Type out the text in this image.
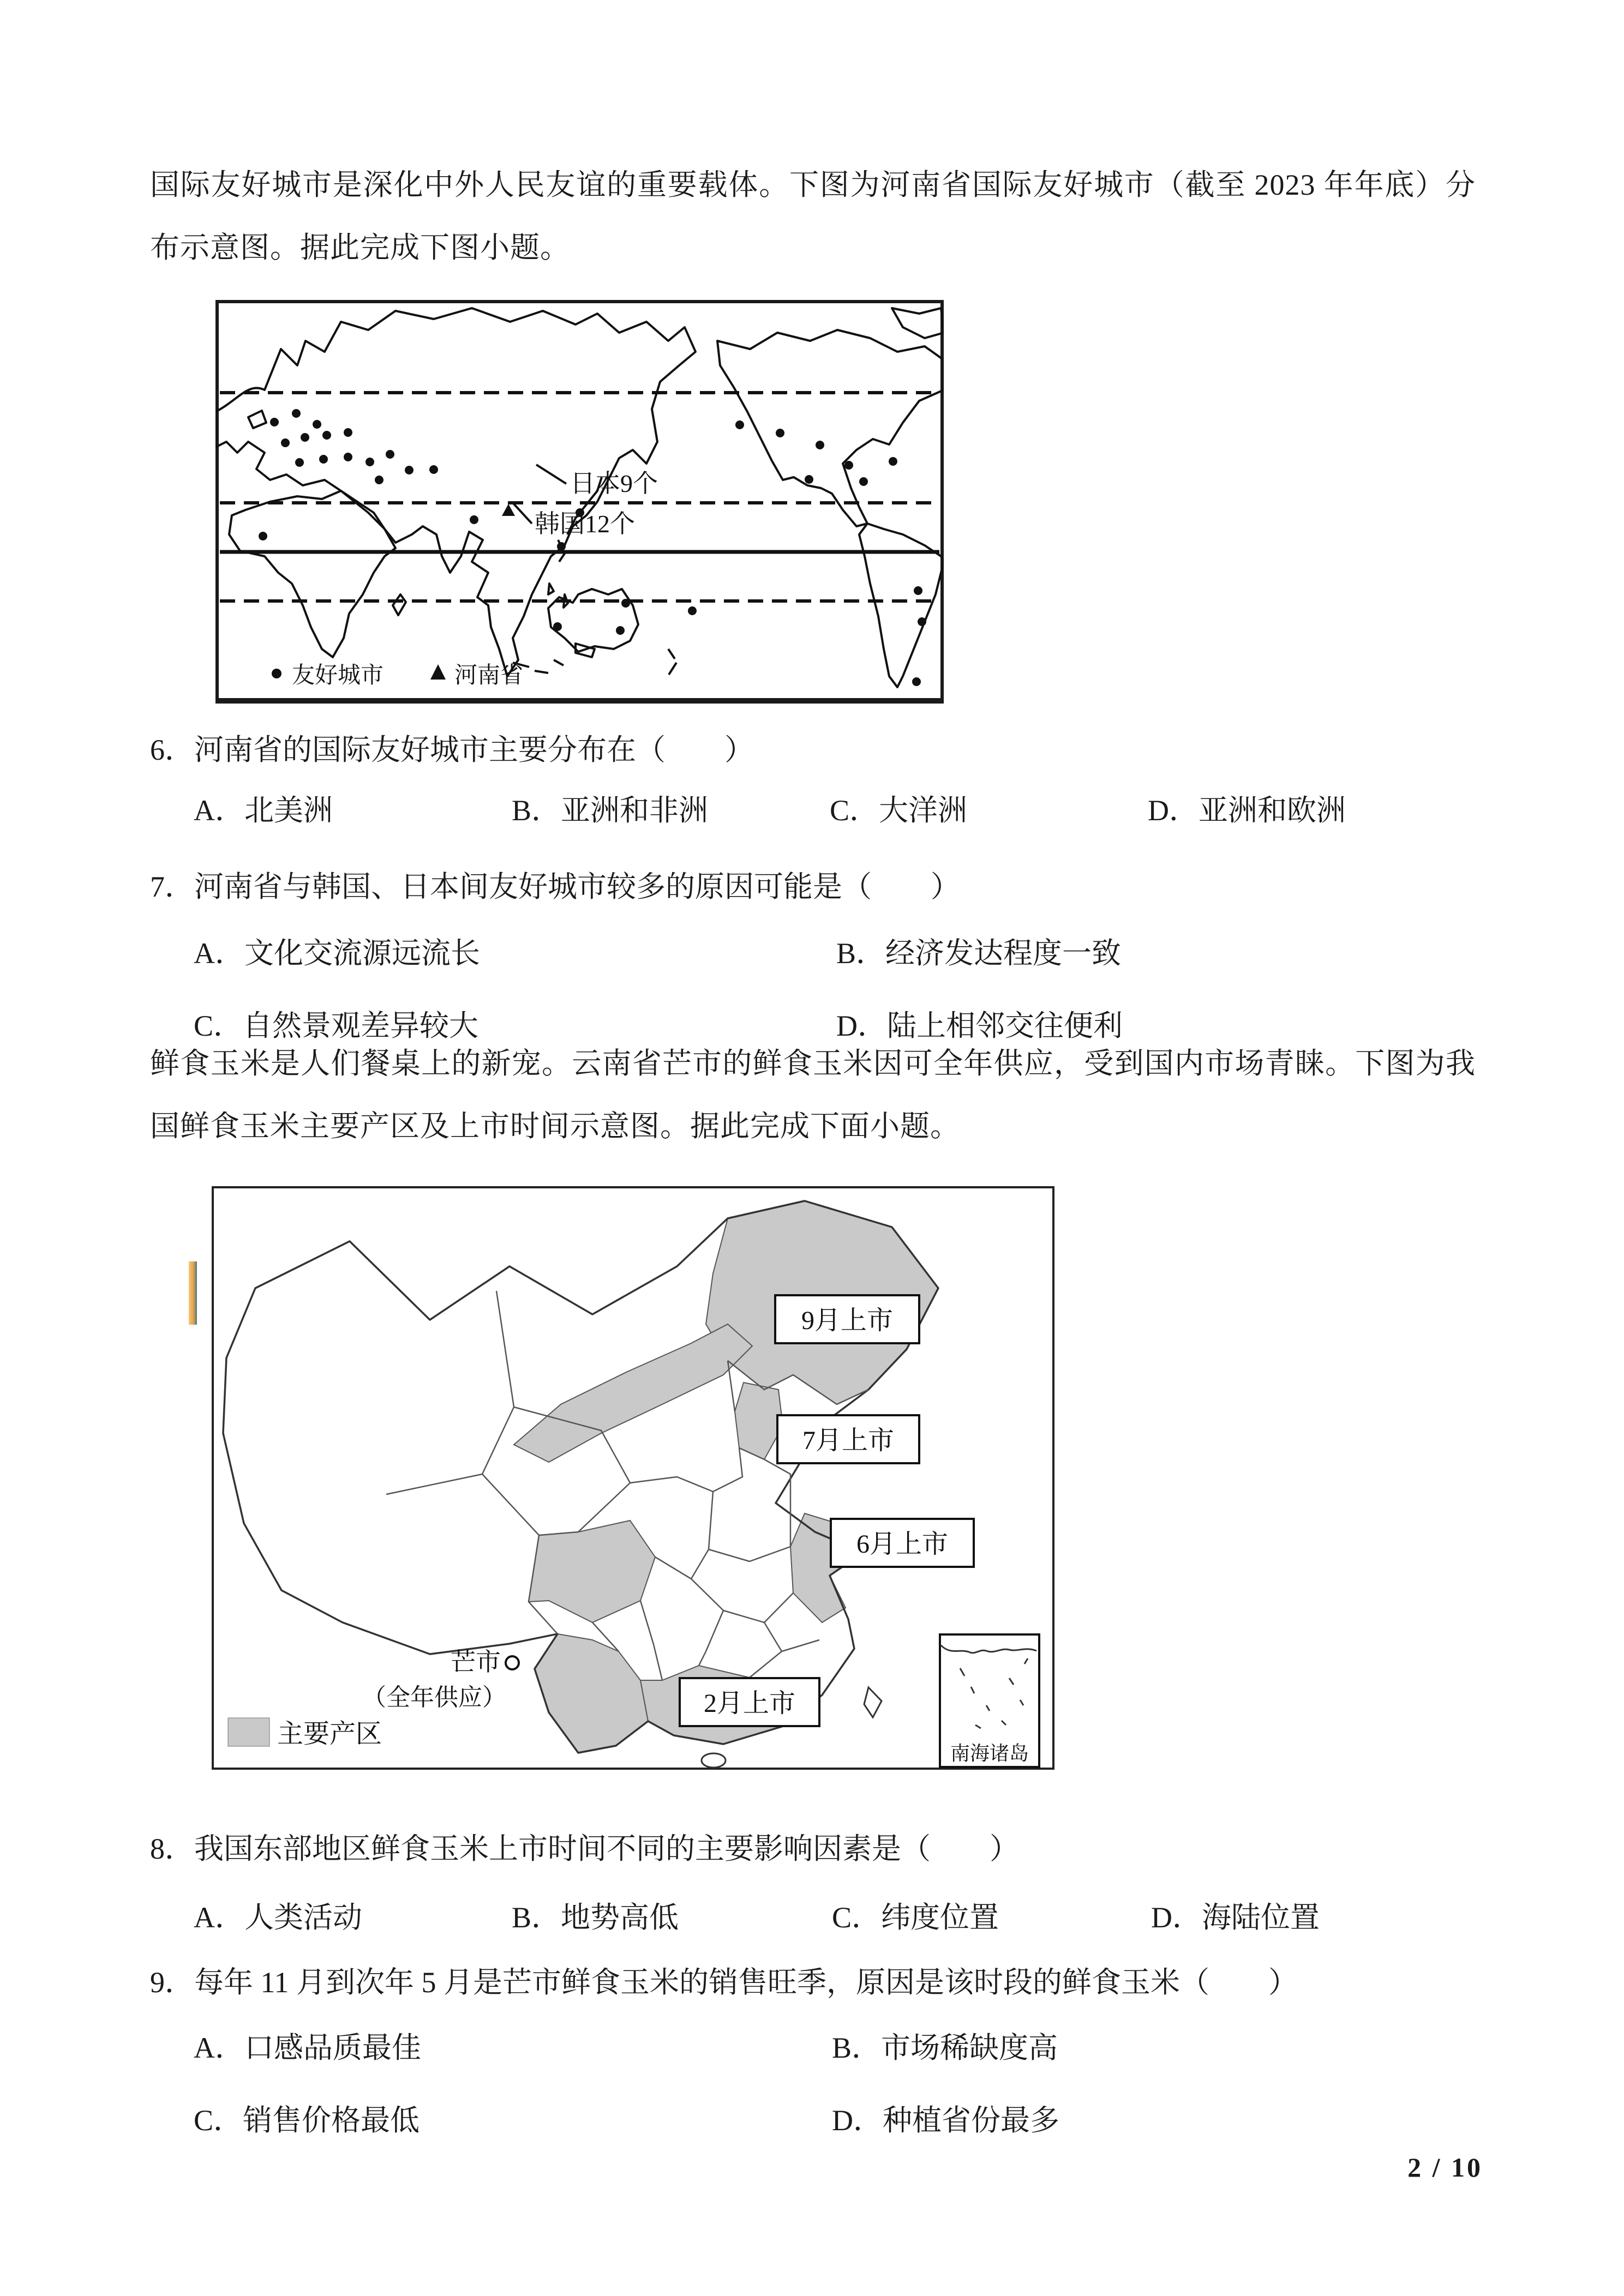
国际友好城市是深化中外人民友谊的重要载体。下图为河南省国际友好城市（截至 2023 年年底）分布示意图。据此完成下图小题。
日本9个
韩国12个
友好城市	河南省
6．河南省的国际友好城市主要分布在（　　）
A．北美洲	B．亚洲和非洲	C．大洋洲	D．亚洲和欧洲
7．河南省与韩国、日本间友好城市较多的原因可能是（　　）
A．文化交流源远流长	B．经济发达程度一致
C．自然景观差异较大	D．陆上相邻交往便利
鲜食玉米是人们餐桌上的新宠。云南省芒市的鲜食玉米因可全年供应，受到国内市场青睐。下图为我国鲜食玉米主要产区及上市时间示意图。据此完成下面小题。
9月上市
7月上市
6月上市
2月上市
芒市
（全年供应）
主要产区
南海诸岛
8．我国东部地区鲜食玉米上市时间不同的主要影响因素是（　　）
A．人类活动	B．地势高低	C．纬度位置	D．海陆位置
9．每年 11 月到次年 5 月是芒市鲜食玉米的销售旺季，原因是该时段的鲜食玉米（　　）
A．口感品质最佳	B．市场稀缺度高
C．销售价格最低	D．种植省份最多
2 / 10
